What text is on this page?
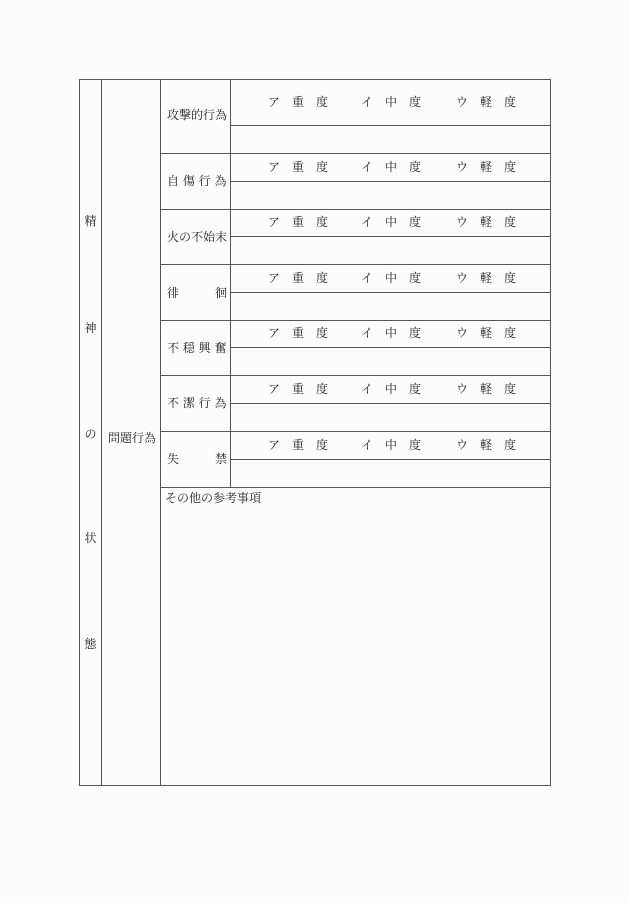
精
神
の
状
態
問題行為
攻撃的行為
ア　重　度	イ　中　度	ウ　軽　度
自 傷 行 為
ア　重　度	イ　中　度	ウ　軽　度
火の不始末
ア　重　度	イ　中　度	ウ　軽　度
徘　　　徊
ア　重　度	イ　中　度	ウ　軽　度
不 穏 興 奮
ア　重　度	イ　中　度	ウ　軽　度
不 潔 行 為
ア　重　度	イ　中　度	ウ　軽　度
失　　　禁
ア　重　度	イ　中　度	ウ　軽　度
その他の参考事項
